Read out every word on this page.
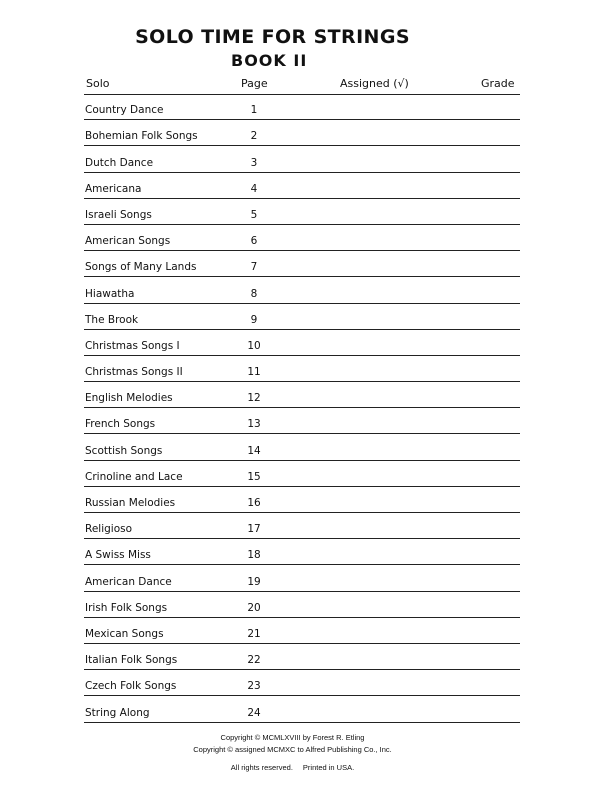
SOLO TIME FOR STRINGS
BOOK II
Solo	Page	Assigned (√)	Grade
Country Dance	1
Bohemian Folk Songs	2
Dutch Dance	3
Americana	4
Israeli Songs	5
American Songs	6
Songs of Many Lands	7
Hiawatha	8
The Brook	9
Christmas Songs I	10
Christmas Songs II	11
English Melodies	12
French Songs	13
Scottish Songs	14
Crinoline and Lace	15
Russian Melodies	16
Religioso	17
A Swiss Miss	18
American Dance	19
Irish Folk Songs	20
Mexican Songs	21
Italian Folk Songs	22
Czech Folk Songs	23
String Along	24
Copyright © MCMLXVIII by Forest R. Etling
Copyright © assigned MCMXC to Alfred Publishing Co., Inc.
All rights reserved. Printed in USA.
